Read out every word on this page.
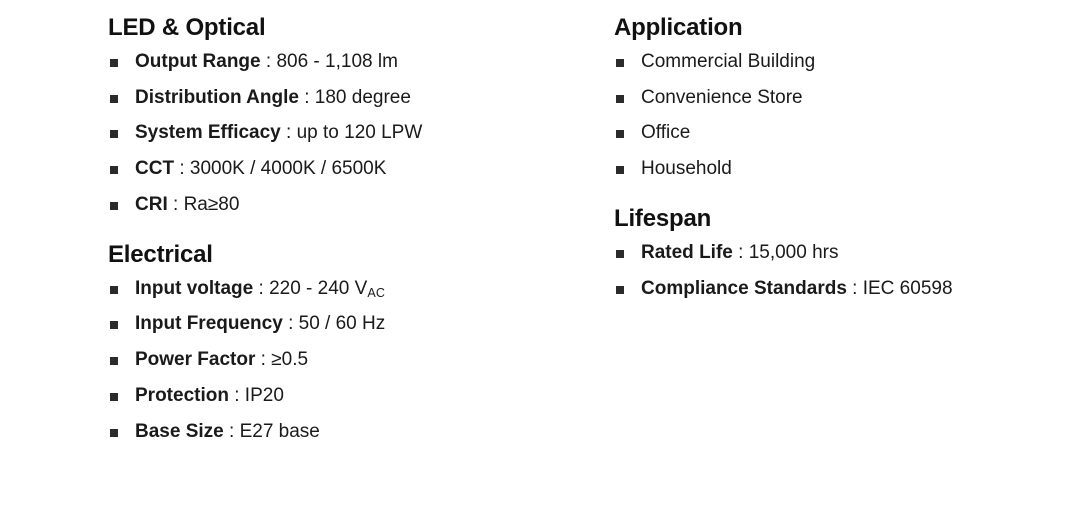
LED & Optical
Output Range : 806 - 1,108 lm
Distribution Angle : 180 degree
System Efficacy : up to 120 LPW
CCT : 3000K / 4000K / 6500K
CRI : Ra≥80
Electrical
Input voltage : 220 - 240 $V_{AC}$
Input Frequency : 50 / 60 Hz
Power Factor : ≥0.5
Protection : IP20
Base Size : E27 base
Application
Commercial Building
Convenience Store
Office
Household
Lifespan
Rated Life : 15,000 hrs
Compliance Standards : IEC 60598
